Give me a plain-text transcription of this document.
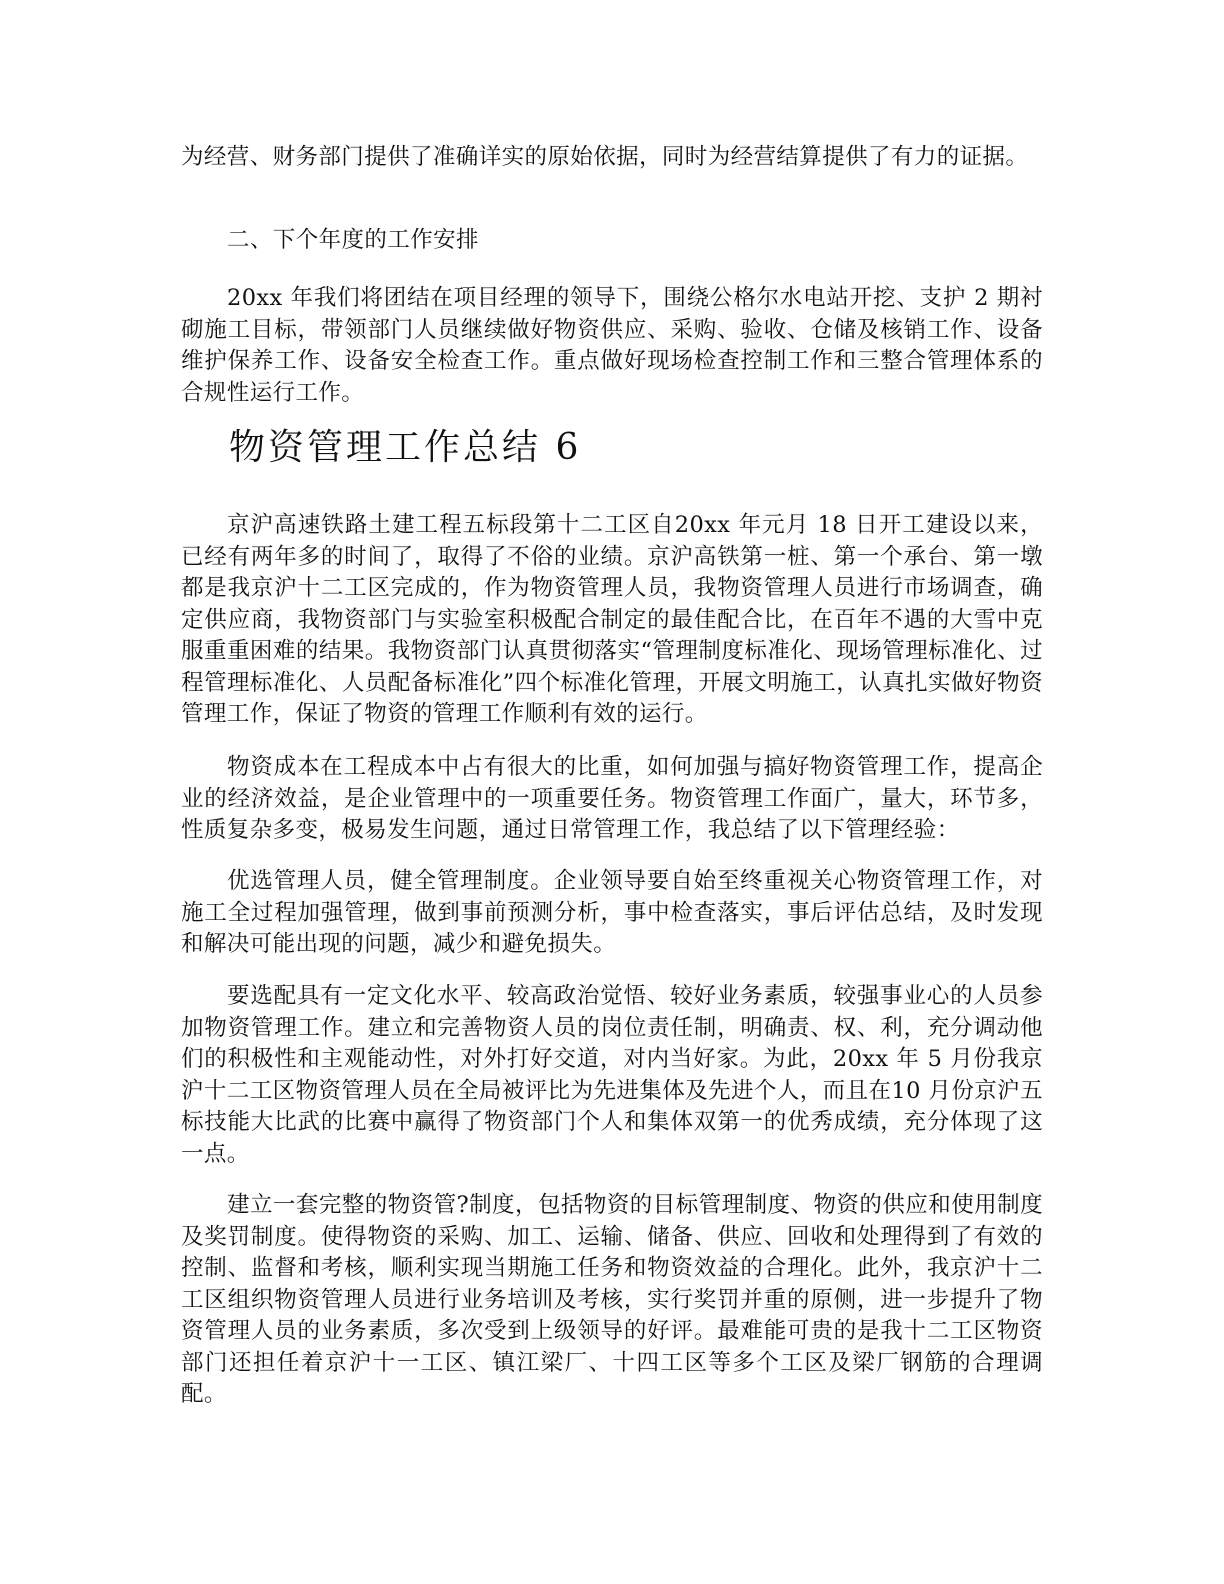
为经营、财务部门提供了准确详实的原始依据，同时为经营结算提供了有力的证据。

二、下个年度的工作安排

20xx 年我们将团结在项目经理的领导下，围绕公格尔水电站开挖、支护 2 期衬砌施工目标，带领部门人员继续做好物资供应、采购、验收、仓储及核销工作、设备维护保养工作、设备安全检查工作。重点做好现场检查控制工作和三整合管理体系的合规性运行工作。

物资管理工作总结 6

京沪高速铁路土建工程五标段第十二工区自20xx 年元月 18 日开工建设以来，已经有两年多的时间了，取得了不俗的业绩。京沪高铁第一桩、第一个承台、第一墩都是我京沪十二工区完成的，作为物资管理人员，我物资管理人员进行市场调查，确定供应商，我物资部门与实验室积极配合制定的最佳配合比，在百年不遇的大雪中克服重重困难的结果。我物资部门认真贯彻落实“管理制度标准化、现场管理标准化、过程管理标准化、人员配备标准化”四个标准化管理，开展文明施工，认真扎实做好物资管理工作，保证了物资的管理工作顺利有效的运行。

物资成本在工程成本中占有很大的比重，如何加强与搞好物资管理工作，提高企业的经济效益，是企业管理中的一项重要任务。物资管理工作面广，量大，环节多，性质复杂多变，极易发生问题，通过日常管理工作，我总结了以下管理经验：

优选管理人员，健全管理制度。企业领导要自始至终重视关心物资管理工作，对施工全过程加强管理，做到事前预测分析，事中检查落实，事后评估总结，及时发现和解决可能出现的问题，减少和避免损失。

要选配具有一定文化水平、较高政治觉悟、较好业务素质，较强事业心的人员参加物资管理工作。建立和完善物资人员的岗位责任制，明确责、权、利，充分调动他们的积极性和主观能动性，对外打好交道，对内当好家。为此，20xx 年 5 月份我京沪十二工区物资管理人员在全局被评比为先进集体及先进个人，而且在10 月份京沪五标技能大比武的比赛中赢得了物资部门个人和集体双第一的优秀成绩，充分体现了这一点。

建立一套完整的物资管?制度，包括物资的目标管理制度、物资的供应和使用制度及奖罚制度。使得物资的采购、加工、运输、储备、供应、回收和处理得到了有效的控制、监督和考核，顺利实现当期施工任务和物资效益的合理化。此外，我京沪十二工区组织物资管理人员进行业务培训及考核，实行奖罚并重的原侧，进一步提升了物资管理人员的业务素质，多次受到上级领导的好评。最难能可贵的是我十二工区物资部门还担任着京沪十一工区、镇江梁厂、十四工区等多个工区及梁厂钢筋的合理调配。
